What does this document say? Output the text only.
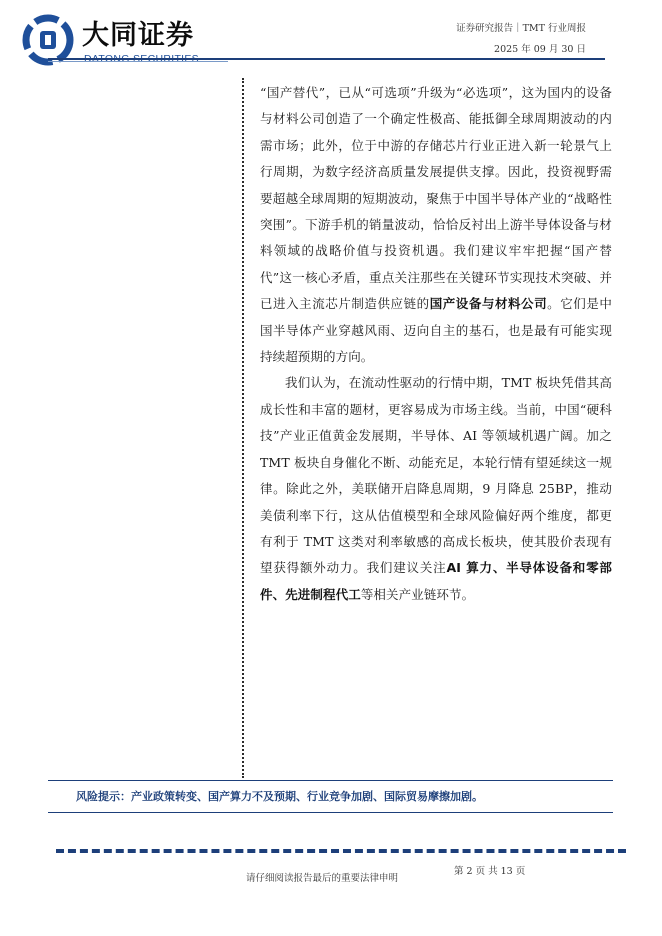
大同证券
DATONG SECURITIES
证券研究报告｜TMT 行业周报
2025 年 09 月 30 日

“国产替代”，已从“可选项”升级为“必选项”，这为国内的设备与材料公司创造了一个确定性极高、能抵御全球周期波动的内需市场；此外，位于中游的存储芯片行业正进入新一轮景气上行周期，为数字经济高质量发展提供支撑。因此，投资视野需要超越全球周期的短期波动，聚焦于中国半导体产业的“战略性突围”。下游手机的销量波动，恰恰反衬出上游半导体设备与材料领域的战略价值与投资机遇。我们建议牢牢把握“国产替代”这一核心矛盾，重点关注那些在关键环节实现技术突破、并已进入主流芯片制造供应链的国产设备与材料公司。它们是中国半导体产业穿越风雨、迈向自主的基石，也是最有可能实现持续超预期的方向。

我们认为，在流动性驱动的行情中期，TMT 板块凭借其高成长性和丰富的题材，更容易成为市场主线。当前，中国“硬科技”产业正值黄金发展期，半导体、AI 等领域机遇广阔。加之 TMT 板块自身催化不断、动能充足，本轮行情有望延续这一规律。除此之外，美联储开启降息周期，9 月降息 25BP，推动美债利率下行，这从估值模型和全球风险偏好两个维度，都更有利于 TMT 这类对利率敏感的高成长板块，使其股价表现有望获得额外动力。我们建议关注AI 算力、半导体设备和零部件、先进制程代工等相关产业链环节。

风险提示：产业政策转变、国产算力不及预期、行业竞争加剧、国际贸易摩擦加剧。
第 2 页 共 13 页
请仔细阅读报告最后的重要法律申明
